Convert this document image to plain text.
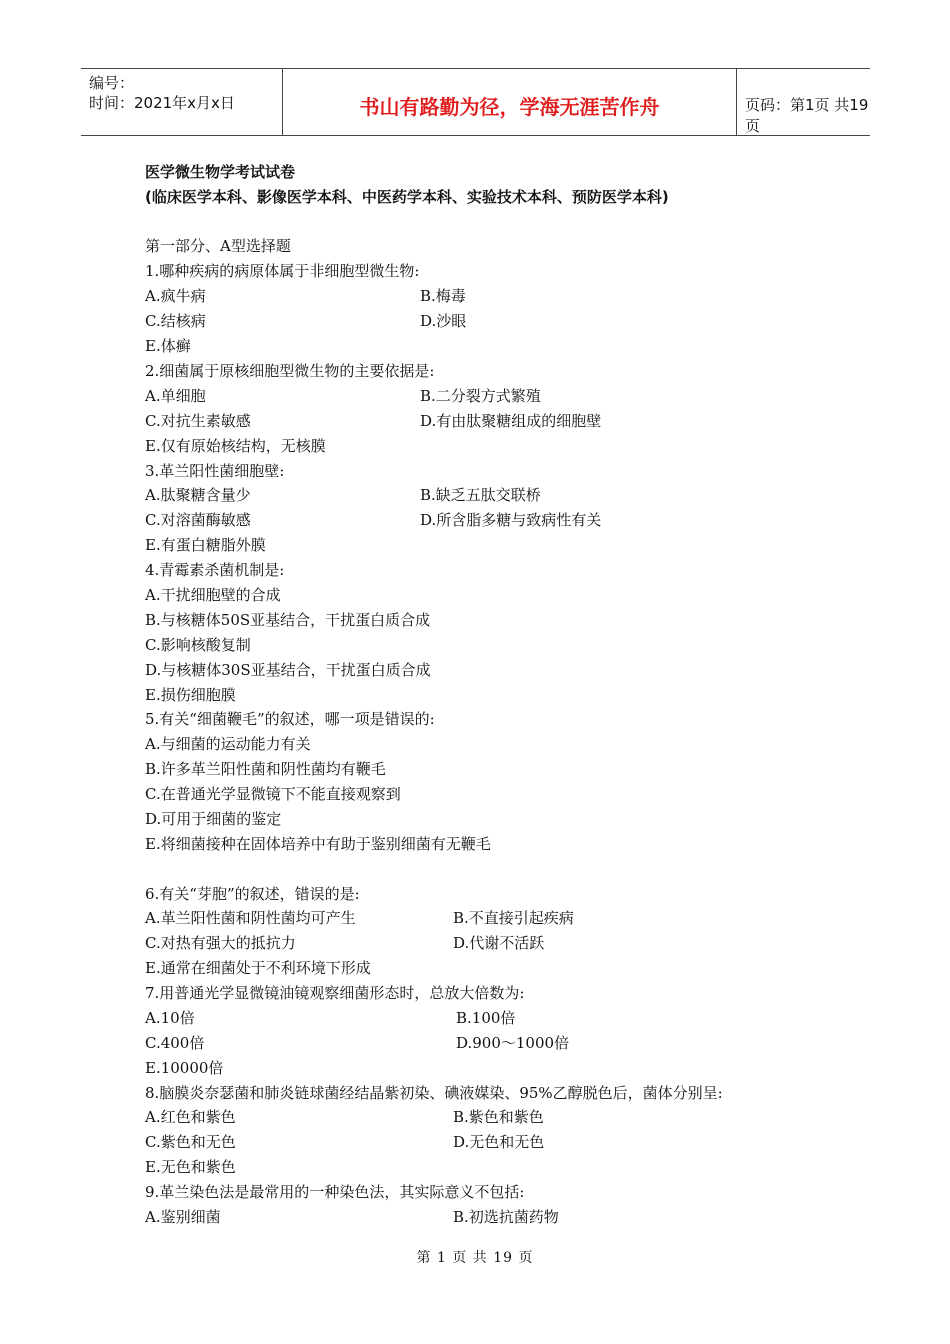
编号：
时间：2021年x月x日	书山有路勤为径，学海无涯苦作舟	页码：第1页 共19页
医学微生物学考试试卷
(临床医学本科、影像医学本科、中医药学本科、实验技术本科、预防医学本科)
第一部分、A型选择题
1.哪种疾病的病原体属于非细胞型微生物:
A.疯牛病	B.梅毒
C.结核病	D.沙眼
E.体癣
2.细菌属于原核细胞型微生物的主要依据是:
A.单细胞	B.二分裂方式繁殖
C.对抗生素敏感	D.有由肽聚糖组成的细胞壁
E.仅有原始核结构，无核膜
3.革兰阳性菌细胞壁:
A.肽聚糖含量少	B.缺乏五肽交联桥
C.对溶菌酶敏感	D.所含脂多糖与致病性有关
E.有蛋白糖脂外膜
4.青霉素杀菌机制是:
A.干扰细胞壁的合成
B.与核糖体50S亚基结合，干扰蛋白质合成
C.影响核酸复制
D.与核糖体30S亚基结合，干扰蛋白质合成
E.损伤细胞膜
5.有关“细菌鞭毛”的叙述，哪一项是错误的:
A.与细菌的运动能力有关
B.许多革兰阳性菌和阴性菌均有鞭毛
C.在普通光学显微镜下不能直接观察到
D.可用于细菌的鉴定
E.将细菌接种在固体培养中有助于鉴别细菌有无鞭毛
6.有关“芽胞”的叙述，错误的是:
A.革兰阳性菌和阴性菌均可产生	B.不直接引起疾病
C.对热有强大的抵抗力	D.代谢不活跃
E.通常在细菌处于不利环境下形成
7.用普通光学显微镜油镜观察细菌形态时，总放大倍数为:
A.10倍	B.100倍
C.400倍	D.900～1000倍
E.10000倍
8.脑膜炎奈瑟菌和肺炎链球菌经结晶紫初染、碘液媒染、95%乙醇脱色后，菌体分别呈:
A.红色和紫色	B.紫色和紫色
C.紫色和无色	D.无色和无色
E.无色和紫色
9.革兰染色法是最常用的一种染色法，其实际意义不包括:
A.鉴别细菌	B.初选抗菌药物
第 1 页 共 19 页
